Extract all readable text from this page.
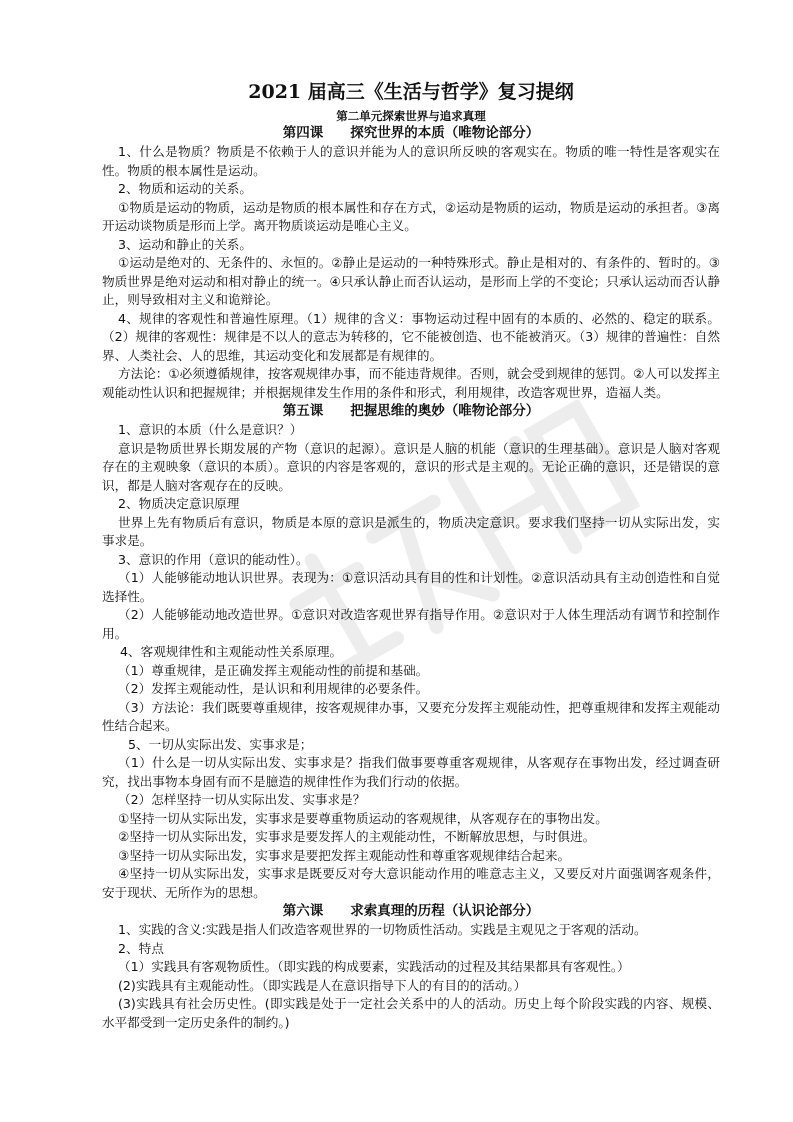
2021 届高三《生活与哲学》复习提纲
第二单元探索世界与追求真理
第四课　　探究世界的本质（唯物论部分）

1、什么是物质？物质是不依赖于人的意识并能为人的意识所反映的客观实在。物质的唯一特性是客观实在性。物质的根本属性是运动。

2、物质和运动的关系。

①物质是运动的物质，运动是物质的根本属性和存在方式，②运动是物质的运动，物质是运动的承担者。③离开运动谈物质是形而上学。离开物质谈运动是唯心主义。

3、运动和静止的关系。

①运动是绝对的、无条件的、永恒的。②静止是运动的一种特殊形式。静止是相对的、有条件的、暂时的。③物质世界是绝对运动和相对静止的统一。④只承认静止而否认运动，是形而上学的不变论；只承认运动而否认静止，则导致相对主义和诡辩论。

4、规律的客观性和普遍性原理。（1）规律的含义：事物运动过程中固有的本质的、必然的、稳定的联系。（2）规律的客观性：规律是不以人的意志为转移的，它不能被创造、也不能被消灭。（3）规律的普遍性：自然界、人类社会、人的思维，其运动变化和发展都是有规律的。

方法论：①必须遵循规律，按客观规律办事，而不能违背规律。否则，就会受到规律的惩罚。②人可以发挥主观能动性认识和把握规律；并根据规律发生作用的条件和形式，利用规律，改造客观世界，造福人类。

第五课　　把握思维的奥妙（唯物论部分）

1、意识的本质（什么是意识？）

意识是物质世界长期发展的产物（意识的起源）。意识是人脑的机能（意识的生理基础）。意识是人脑对客观存在的主观映象（意识的本质）。意识的内容是客观的，意识的形式是主观的。无论正确的意识，还是错误的意识，都是人脑对客观存在的反映。

2、物质决定意识原理

世界上先有物质后有意识，物质是本原的意识是派生的，物质决定意识。要求我们坚持一切从实际出发，实事求是。

3、意识的作用（意识的能动性）。

（1）人能够能动地认识世界。表现为：①意识活动具有目的性和计划性。②意识活动具有主动创造性和自觉选择性。

（2）人能够能动地改造世界。①意识对改造客观世界有指导作用。②意识对于人体生理活动有调节和控制作用。

4、客观规律性和主观能动性关系原理。

（1）尊重规律，是正确发挥主观能动性的前提和基础。

（2）发挥主观能动性，是认识和利用规律的必要条件。

（3）方法论：我们既要尊重规律，按客观规律办事，又要充分发挥主观能动性，把尊重规律和发挥主观能动性结合起来。

5、一切从实际出发、实事求是；

（1）什么是一切从实际出发、实事求是？指我们做事要尊重客观规律，从客观存在事物出发，经过调查研究，找出事物本身固有而不是臆造的规律性作为我们行动的依据。

（2）怎样坚持一切从实际出发、实事求是？

①坚持一切从实际出发，实事求是要尊重物质运动的客观规律，从客观存在的事物出发。

②坚持一切从实际出发，实事求是要发挥人的主观能动性，不断解放思想，与时俱进。

③坚持一切从实际出发，实事求是要把发挥主观能动性和尊重客观规律结合起来。

④坚持一切从实际出发，实事求是既要反对夸大意识能动作用的唯意志主义，又要反对片面强调客观条件，安于现状、无所作为的思想。

第六课　　求索真理的历程（认识论部分）

1、实践的含义:实践是指人们改造客观世界的一切物质性活动。实践是主观见之于客观的活动。

2、特点

（1）实践具有客观物质性。（即实践的构成要素，实践活动的过程及其结果都具有客观性。）

(2)实践具有主观能动性。（即实践是人在意识指导下人的有目的的活动。）

(3)实践具有社会历史性。(即实践是处于一定社会关系中的人的活动。历史上每个阶段实践的内容、规模、水平都受到一定历史条件的制约。)
